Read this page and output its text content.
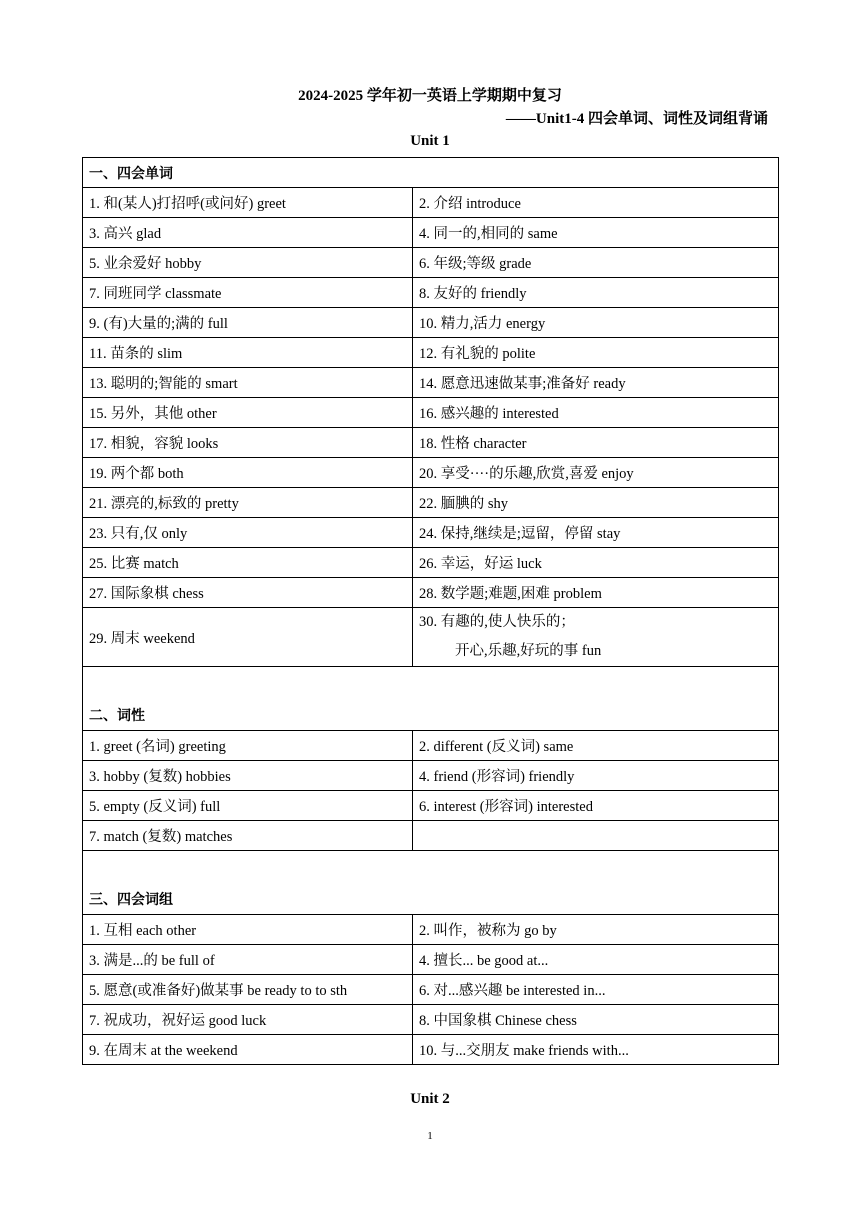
2024-2025 学年初一英语上学期期中复习
——Unit1-4 四会单词、词性及词组背诵
Unit 1
一、四会单词	
1. 和(某人)打招呼(或问好) greet	2. 介绍 introduce
3. 高兴 glad	4. 同一的,相同的 same
5. 业余爱好 hobby	6. 年级;等级 grade
7. 同班同学 classmate	8. 友好的 friendly
9. (有)大量的;满的 full	10. 精力,活力 energy
11. 苗条的 slim	12. 有礼貌的 polite
13. 聪明的;智能的 smart	14. 愿意迅速做某事;准备好 ready
15. 另外，其他 other	16. 感兴趣的 interested
17. 相貌，容貌 looks	18. 性格 character
19. 两个都 both	20. 享受····的乐趣,欣赏,喜爱 enjoy
21. 漂亮的,标致的 pretty	22. 腼腆的 shy
23. 只有,仅 only	24. 保持,继续是;逗留，停留 stay
25. 比赛 match	26. 幸运，好运 luck
27. 国际象棋 chess	28. 数学题;难题,困难 problem
29. 周末 weekend	30. 有趣的,使人快乐的；
开心,乐趣,好玩的事 fun

二、词性	
1. greet (名词) greeting	2. different (反义词) same
3. hobby (复数) hobbies	4. friend (形容词) friendly
5. empty (反义词) full	6. interest (形容词) interested
7. match (复数) matches	
三、四会词组	
1. 互相 each other	2. 叫作，被称为 go by
3. 满是...的 be full of	4. 擅长... be good at...
5. 愿意(或准备好)做某事 be ready to to sth	6. 对...感兴趣 be interested in...
7. 祝成功，祝好运 good luck	8. 中国象棋 Chinese chess
9. 在周末 at the weekend	10. 与...交朋友 make friends with...
Unit 2
1
